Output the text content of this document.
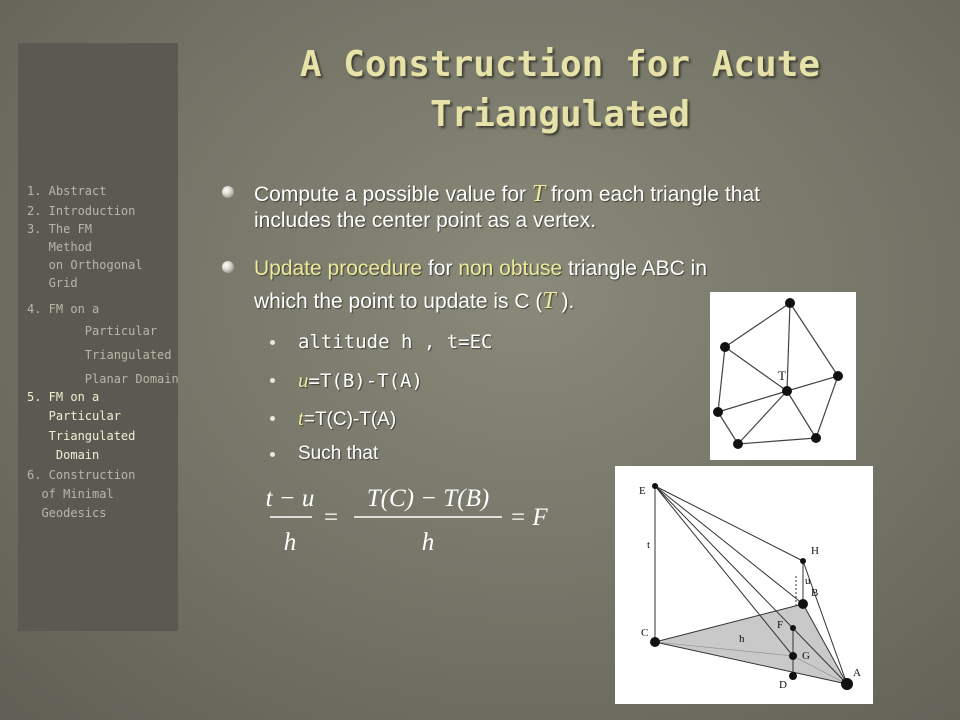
1. Abstract
2. Introduction
3. The FM
Method
on Orthogonal
Grid
4. FM on a
Particular
Triangulated
Planar Domain
5. FM on a
Particular
Triangulated
Domain
6. Construction
of Minimal
Geodesics
A Construction for Acute Triangulated
Compute a possible value for T from each triangle that
includes the center point as a vertex.
Update procedure for non obtuse triangle ABC in
which the point to update is C (T ).
altitude h , t=EC
u=T(B)-T(A)
t=T(C)-T(A)
Such that
t − u
h
=
T(C) − T(B)
h
= F
T
E
H
B
C
F
G
A
D
t
u
h
